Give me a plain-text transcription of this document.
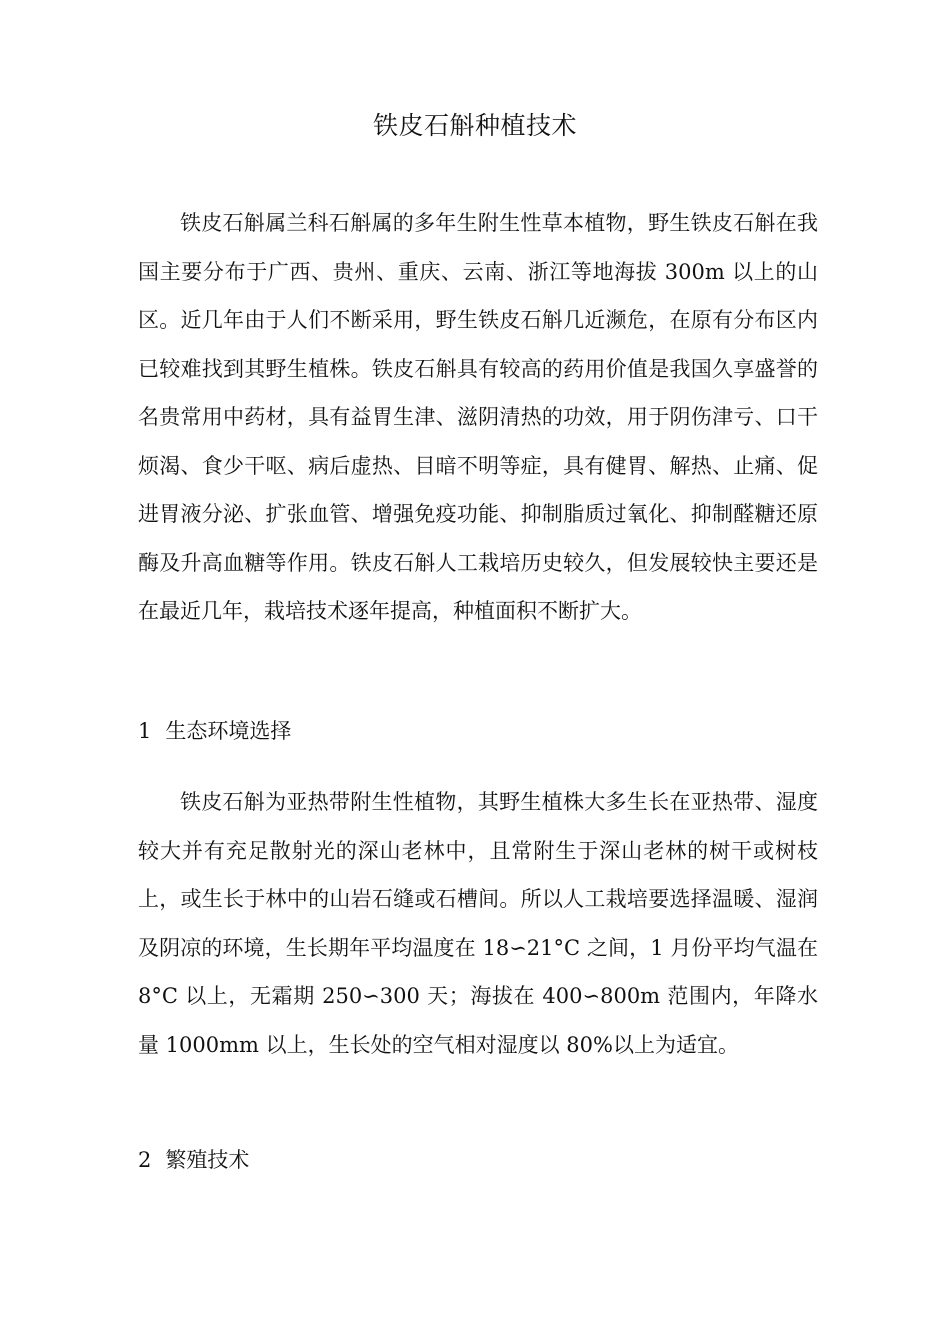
铁皮石斛种植技术

铁皮石斛属兰科石斛属的多年生附生性草本植物，野生铁皮石斛在我国主要分布于广西、贵州、重庆、云南、浙江等地海拔 300m 以上的山区。近几年由于人们不断采用，野生铁皮石斛几近濒危，在原有分布区内已较难找到其野生植株。铁皮石斛具有较高的药用价值是我国久享盛誉的名贵常用中药材，具有益胃生津、滋阴清热的功效，用于阴伤津亏、口干烦渴、食少干呕、病后虚热、目暗不明等症，具有健胃、解热、止痛、促进胃液分泌、扩张血管、增强免疫功能、抑制脂质过氧化、抑制醛糖还原酶及升高血糖等作用。铁皮石斛人工栽培历史较久，但发展较快主要还是在最近几年，栽培技术逐年提高，种植面积不断扩大。

1 生态环境选择

铁皮石斛为亚热带附生性植物，其野生植株大多生长在亚热带、湿度较大并有充足散射光的深山老林中，且常附生于深山老林的树干或树枝上，或生长于林中的山岩石缝或石槽间。所以人工栽培要选择温暖、湿润及阴凉的环境，生长期年平均温度在 18∽21°C 之间，1 月份平均气温在 8°C 以上，无霜期 250∽300 天；海拔在 400∽800m 范围内，年降水量 1000mm 以上，生长处的空气相对湿度以 80%以上为适宜。

2 繁殖技术
